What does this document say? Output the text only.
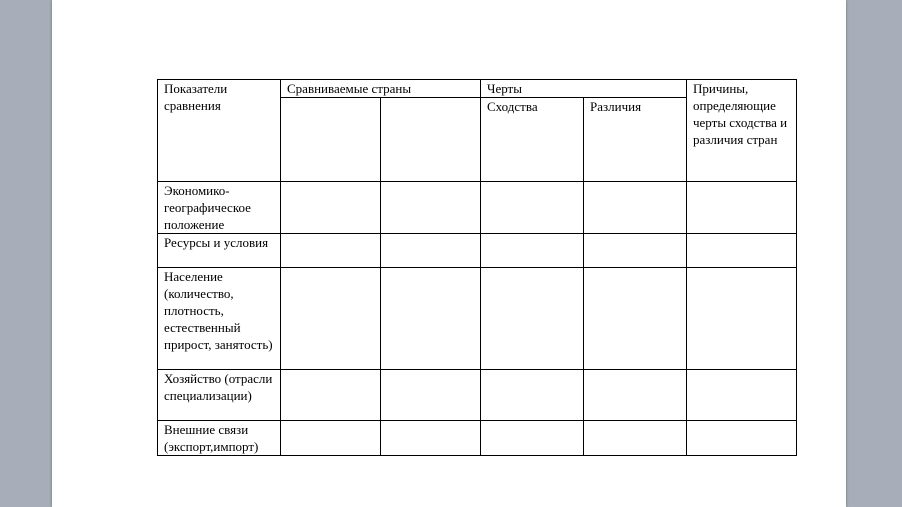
Показатели сравнения	Сравниваемые страны		Черты		Причины, определяющие черты сходства и различия стран
			Сходства	Различия	
Экономико-географическое положение					
Ресурсы и условия					
Население (количество, плотность, естественный прирост, занятость)					
Хозяйство (отрасли специализации)					
Внешние связи (экспорт,импорт)					
